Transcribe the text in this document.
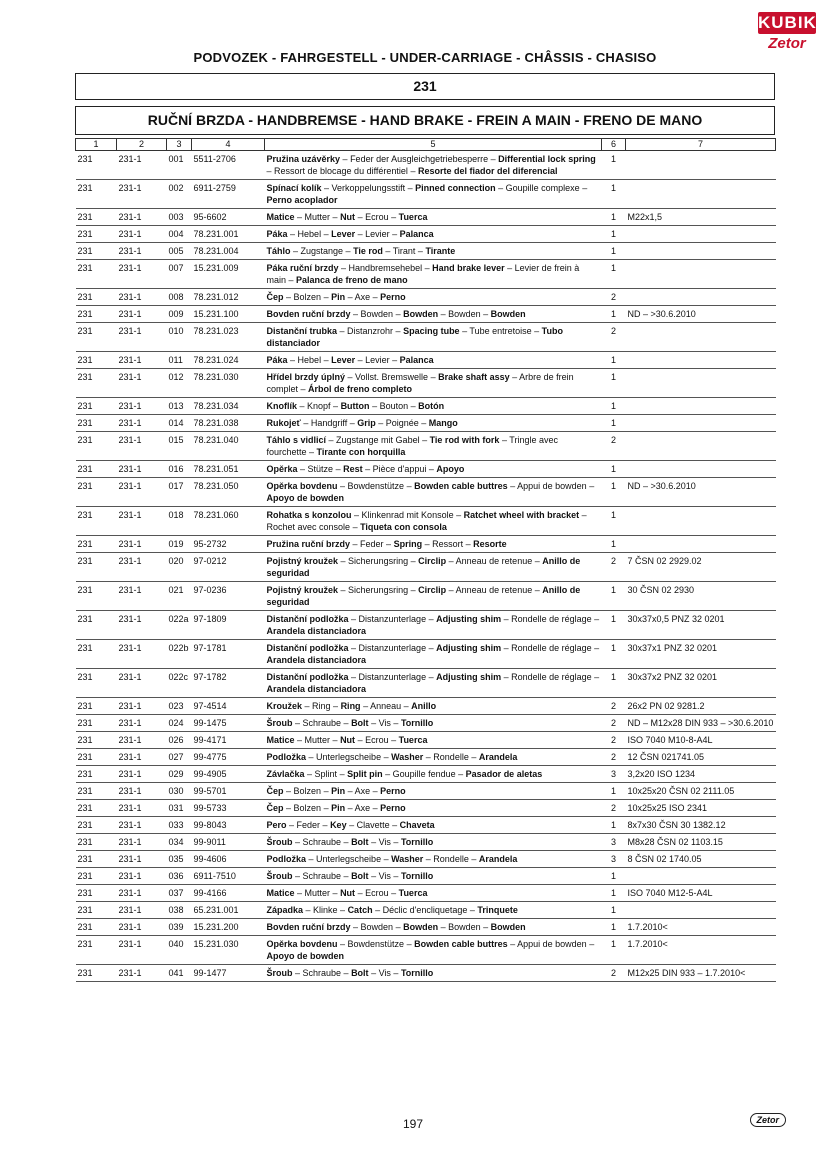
KUBIK
Zetor
PODVOZEK - FAHRGESTELL - UNDER-CARRIAGE - CHÂSSIS - CHASISO
231
RUČNÍ BRZDA - HANDBREMSE - HAND BRAKE - FREIN A MAIN - FRENO DE MANO
1	2	3	4	5	6	7
231	231-1	001	5511-2706	Pružina uzávěrky – Feder der Ausgleichgetriebesperre – Differential lock spring – Ressort de blocage du différentiel – Resorte del fiador del diferencial	1	
231	231-1	002	6911-2759	Spínací kolík – Verkoppelungsstift – Pinned connection – Goupille complexe – Perno acoplador	1	
231	231-1	003	95-6602	Matice – Mutter – Nut – Ecrou – Tuerca	1	M22x1,5
231	231-1	004	78.231.001	Páka – Hebel – Lever – Levier – Palanca	1	
231	231-1	005	78.231.004	Táhlo – Zugstange – Tie rod – Tirant – Tirante	1	
231	231-1	007	15.231.009	Páka ruční brzdy – Handbremsehebel – Hand brake lever – Levier de frein à main – Palanca de freno de mano	1	
231	231-1	008	78.231.012	Čep – Bolzen – Pin – Axe – Perno	2	
231	231-1	009	15.231.100	Bovden ruční brzdy – Bowden – Bowden – Bowden – Bowden	1	ND – >30.6.2010
231	231-1	010	78.231.023	Distanční trubka – Distanzrohr – Spacing tube – Tube entretoise – Tubo distanciador	2	
231	231-1	011	78.231.024	Páka – Hebel – Lever – Levier – Palanca	1	
231	231-1	012	78.231.030	Hřídel brzdy úplný – Vollst. Bremswelle – Brake shaft assy – Arbre de frein complet – Árbol de freno completo	1	
231	231-1	013	78.231.034	Knoflík – Knopf – Button – Bouton – Botón	1	
231	231-1	014	78.231.038	Rukojeť – Handgriff – Grip – Poignée – Mango	1	
231	231-1	015	78.231.040	Táhlo s vidlicí – Zugstange mit Gabel – Tie rod with fork – Tringle avec fourchette – Tirante con horquilla	2	
231	231-1	016	78.231.051	Opěrka – Stütze – Rest – Pièce d'appui – Apoyo	1	
231	231-1	017	78.231.050	Opěrka bovdenu – Bowdenstütze – Bowden cable buttres – Appui de bowden – Apoyo de bowden	1	ND – >30.6.2010
231	231-1	018	78.231.060	Rohatka s konzolou – Klinkenrad mit Konsole – Ratchet wheel with bracket – Rochet avec console – Tiqueta con consola	1	
231	231-1	019	95-2732	Pružina ruční brzdy – Feder – Spring – Ressort – Resorte	1	
231	231-1	020	97-0212	Pojistný kroužek – Sicherungsring – Circlip – Anneau de retenue – Anillo de seguridad	2	7 ČSN 02 2929.02
231	231-1	021	97-0236	Pojistný kroužek – Sicherungsring – Circlip – Anneau de retenue – Anillo de seguridad	1	30 ČSN 02 2930
231	231-1	022a	97-1809	Distanční podložka – Distanzunterlage – Adjusting shim – Rondelle de réglage – Arandela distanciadora	1	30x37x0,5 PNZ 32 0201
231	231-1	022b	97-1781	Distanční podložka – Distanzunterlage – Adjusting shim – Rondelle de réglage – Arandela distanciadora	1	30x37x1 PNZ 32 0201
231	231-1	022c	97-1782	Distanční podložka – Distanzunterlage – Adjusting shim – Rondelle de réglage – Arandela distanciadora	1	30x37x2 PNZ 32 0201
231	231-1	023	97-4514	Kroužek – Ring – Ring – Anneau – Anillo	2	26x2 PN 02 9281.2
231	231-1	024	99-1475	Šroub – Schraube – Bolt – Vis – Tornillo	2	ND – M12x28 DIN 933 – >30.6.2010
231	231-1	026	99-4171	Matice – Mutter – Nut – Ecrou – Tuerca	2	ISO 7040 M10-8-A4L
231	231-1	027	99-4775	Podložka – Unterlegscheibe – Washer – Rondelle – Arandela	2	12 ČSN 021741.05
231	231-1	029	99-4905	Závlačka – Splint – Split pin – Goupille fendue – Pasador de aletas	3	3,2x20 ISO 1234
231	231-1	030	99-5701	Čep – Bolzen – Pin – Axe – Perno	1	10x25x20 ČSN 02 2111.05
231	231-1	031	99-5733	Čep – Bolzen – Pin – Axe – Perno	2	10x25x25 ISO 2341
231	231-1	033	99-8043	Pero – Feder – Key – Clavette – Chaveta	1	8x7x30 ČSN 30 1382.12
231	231-1	034	99-9011	Šroub – Schraube – Bolt – Vis – Tornillo	3	M8x28 ČSN 02 1103.15
231	231-1	035	99-4606	Podložka – Unterlegscheibe – Washer – Rondelle – Arandela	3	8 ČSN 02 1740.05
231	231-1	036	6911-7510	Šroub – Schraube – Bolt – Vis – Tornillo	1	
231	231-1	037	99-4166	Matice – Mutter – Nut – Ecrou – Tuerca	1	ISO 7040 M12-5-A4L
231	231-1	038	65.231.001	Západka – Klinke – Catch – Déclic d'encliquetage – Trinquete	1	
231	231-1	039	15.231.200	Bovden ruční brzdy – Bowden – Bowden – Bowden – Bowden	1	1.7.2010<
231	231-1	040	15.231.030	Opěrka bovdenu – Bowdenstütze – Bowden cable buttres – Appui de bowden – Apoyo de bowden	1	1.7.2010<
231	231-1	041	99-1477	Šroub – Schraube – Bolt – Vis – Tornillo	2	M12x25 DIN 933 – 1.7.2010<
197	Zetor
